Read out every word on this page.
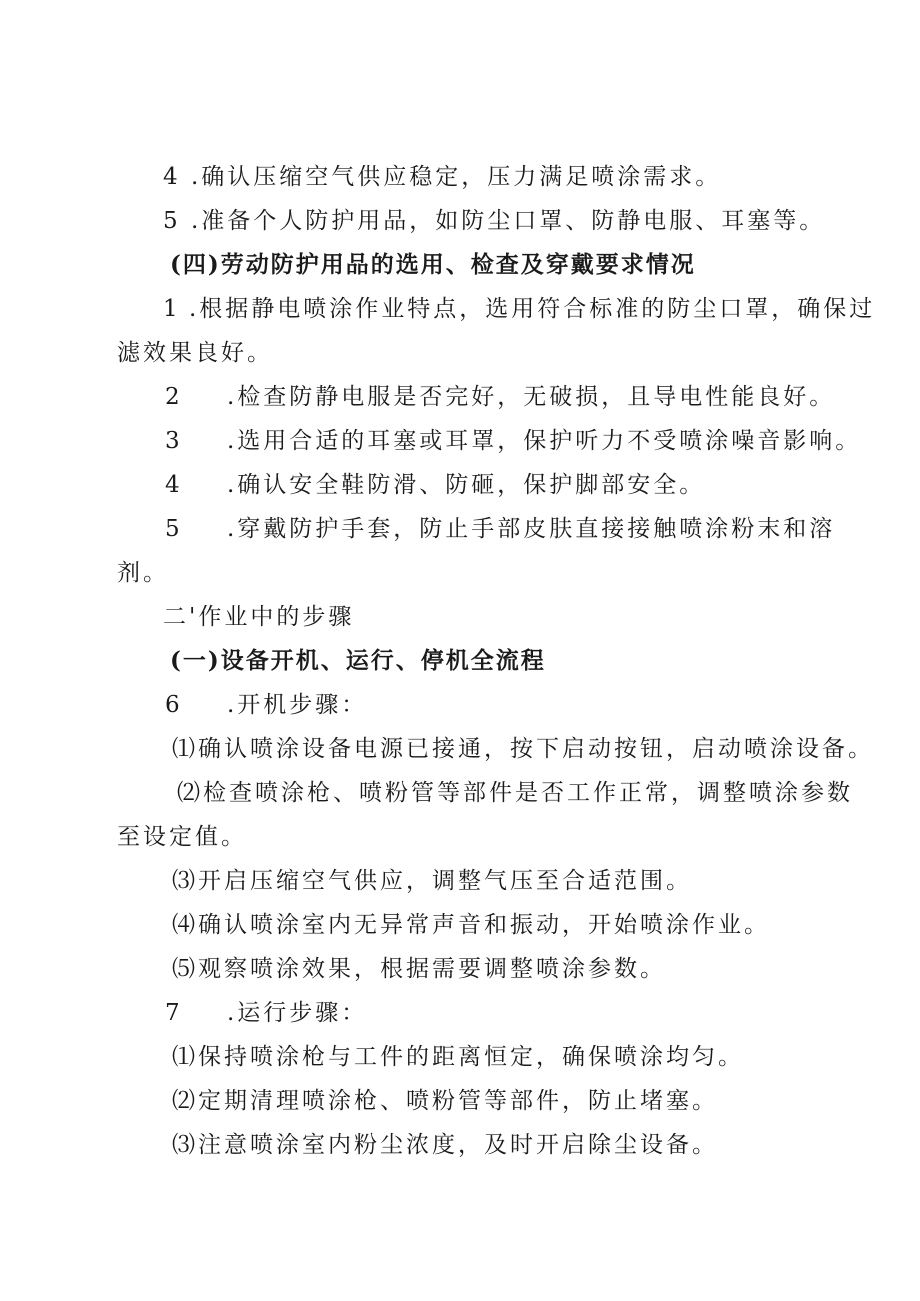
4 .确认压缩空气供应稳定，压力满足喷涂需求。

5 .准备个人防护用品，如防尘口罩、防静电服、耳塞等。

(四)劳动防护用品的选用、检查及穿戴要求情况

1 .根据静电喷涂作业特点，选用符合标准的防尘口罩，确保过

滤效果良好。

2 .检查防静电服是否完好，无破损，且导电性能良好。

3 .选用合适的耳塞或耳罩，保护听力不受喷涂噪音影响。

4 .确认安全鞋防滑、防砸，保护脚部安全。

5 .穿戴防护手套，防止手部皮肤直接接触喷涂粉末和溶

剂。

二'作业中的步骤

(一)设备开机、运行、停机全流程

6 .开机步骤：

⑴确认喷涂设备电源已接通，按下启动按钮，启动喷涂设备。

⑵检查喷涂枪、喷粉管等部件是否工作正常，调整喷涂参数

至设定值。

⑶开启压缩空气供应，调整气压至合适范围。

⑷确认喷涂室内无异常声音和振动，开始喷涂作业。

⑸观察喷涂效果，根据需要调整喷涂参数。

7 .运行步骤：

⑴保持喷涂枪与工件的距离恒定，确保喷涂均匀。

⑵定期清理喷涂枪、喷粉管等部件，防止堵塞。

⑶注意喷涂室内粉尘浓度，及时开启除尘设备。
